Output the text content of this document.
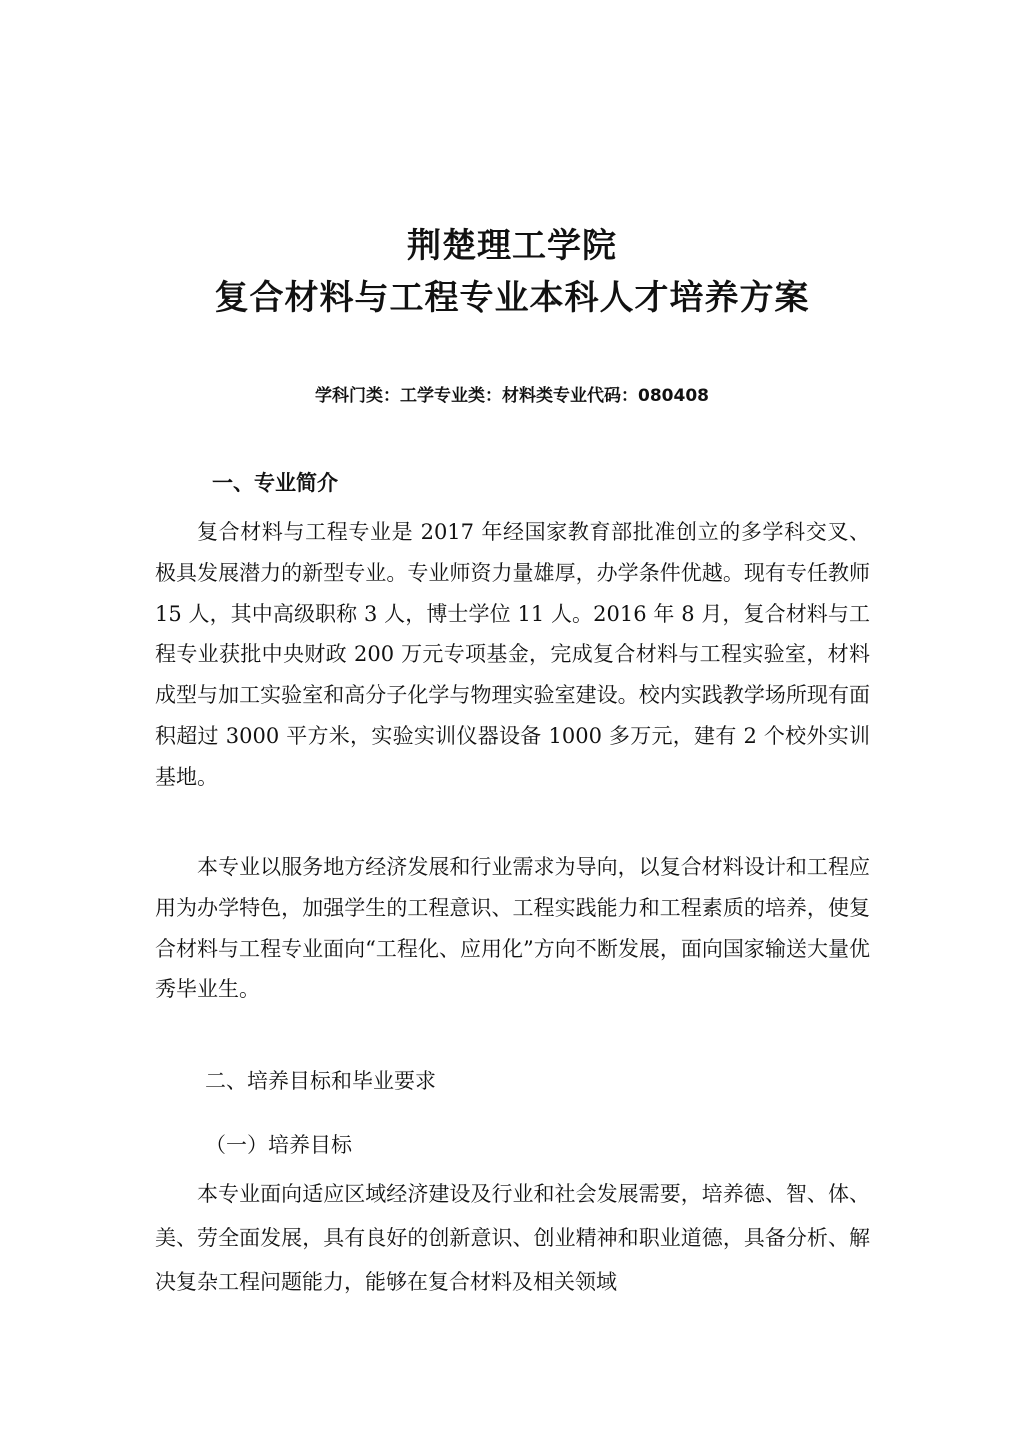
荆楚理工学院
复合材料与工程专业本科人才培养方案
学科门类：工学专业类：材料类专业代码：080408
一、专业简介

复合材料与工程专业是 2017 年经国家教育部批准创立的多学科交叉、极具发展潜力的新型专业。专业师资力量雄厚，办学条件优越。现有专任教师 15 人，其中高级职称 3 人，博士学位 11 人。2016 年 8 月，复合材料与工程专业获批中央财政 200 万元专项基金，完成复合材料与工程实验室，材料成型与加工实验室和高分子化学与物理实验室建设。校内实践教学场所现有面积超过 3000 平方米，实验实训仪器设备 1000 多万元，建有 2 个校外实训基地。

本专业以服务地方经济发展和行业需求为导向，以复合材料设计和工程应用为办学特色，加强学生的工程意识、工程实践能力和工程素质的培养，使复合材料与工程专业面向“工程化、应用化”方向不断发展，面向国家输送大量优秀毕业生。

二、培养目标和毕业要求
（一）培养目标

本专业面向适应区域经济建设及行业和社会发展需要，培养德、智、体、美、劳全面发展，具有良好的创新意识、创业精神和职业道德，具备分析、解决复杂工程问题能力，能够在复合材料及相关领域
